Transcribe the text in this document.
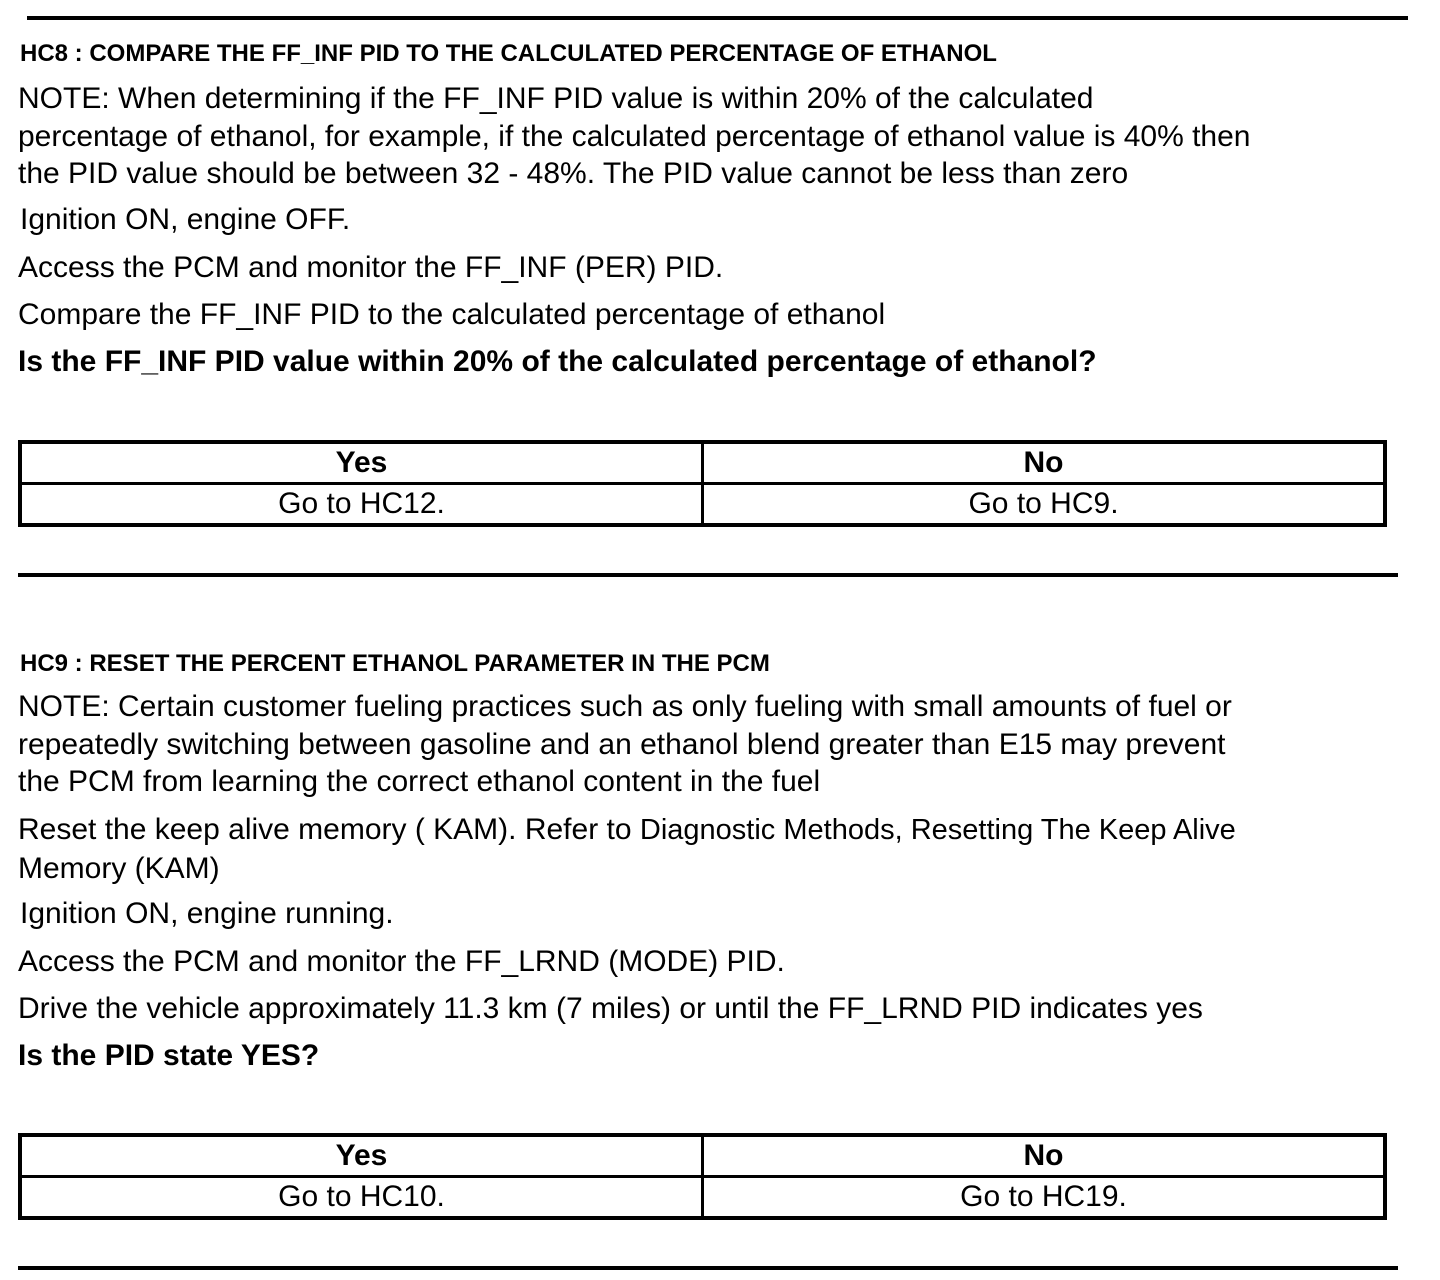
HC8 : COMPARE THE FF_INF PID TO THE CALCULATED PERCENTAGE OF ETHANOL
NOTE: When determining if the FF_INF PID value is within 20% of the calculated
percentage of ethanol, for example, if the calculated percentage of ethanol value is 40% then
the PID value should be between 32 - 48%. The PID value cannot be less than zero
Ignition ON, engine OFF.
Access the PCM and monitor the FF_INF (PER) PID.
Compare the FF_INF PID to the calculated percentage of ethanol
Is the FF_INF PID value within 20% of the calculated percentage of ethanol?
Yes	No
Go to HC12.	Go to HC9.
HC9 : RESET THE PERCENT ETHANOL PARAMETER IN THE PCM
NOTE: Certain customer fueling practices such as only fueling with small amounts of fuel or
repeatedly switching between gasoline and an ethanol blend greater than E15 may prevent
the PCM from learning the correct ethanol content in the fuel
Reset the keep alive memory ( KAM). Refer to Diagnostic Methods, Resetting The Keep Alive
Memory (KAM)
Ignition ON, engine running.
Access the PCM and monitor the FF_LRND (MODE) PID.
Drive the vehicle approximately 11.3 km (7 miles) or until the FF_LRND PID indicates yes
Is the PID state YES?
Yes	No
Go to HC10.	Go to HC19.
